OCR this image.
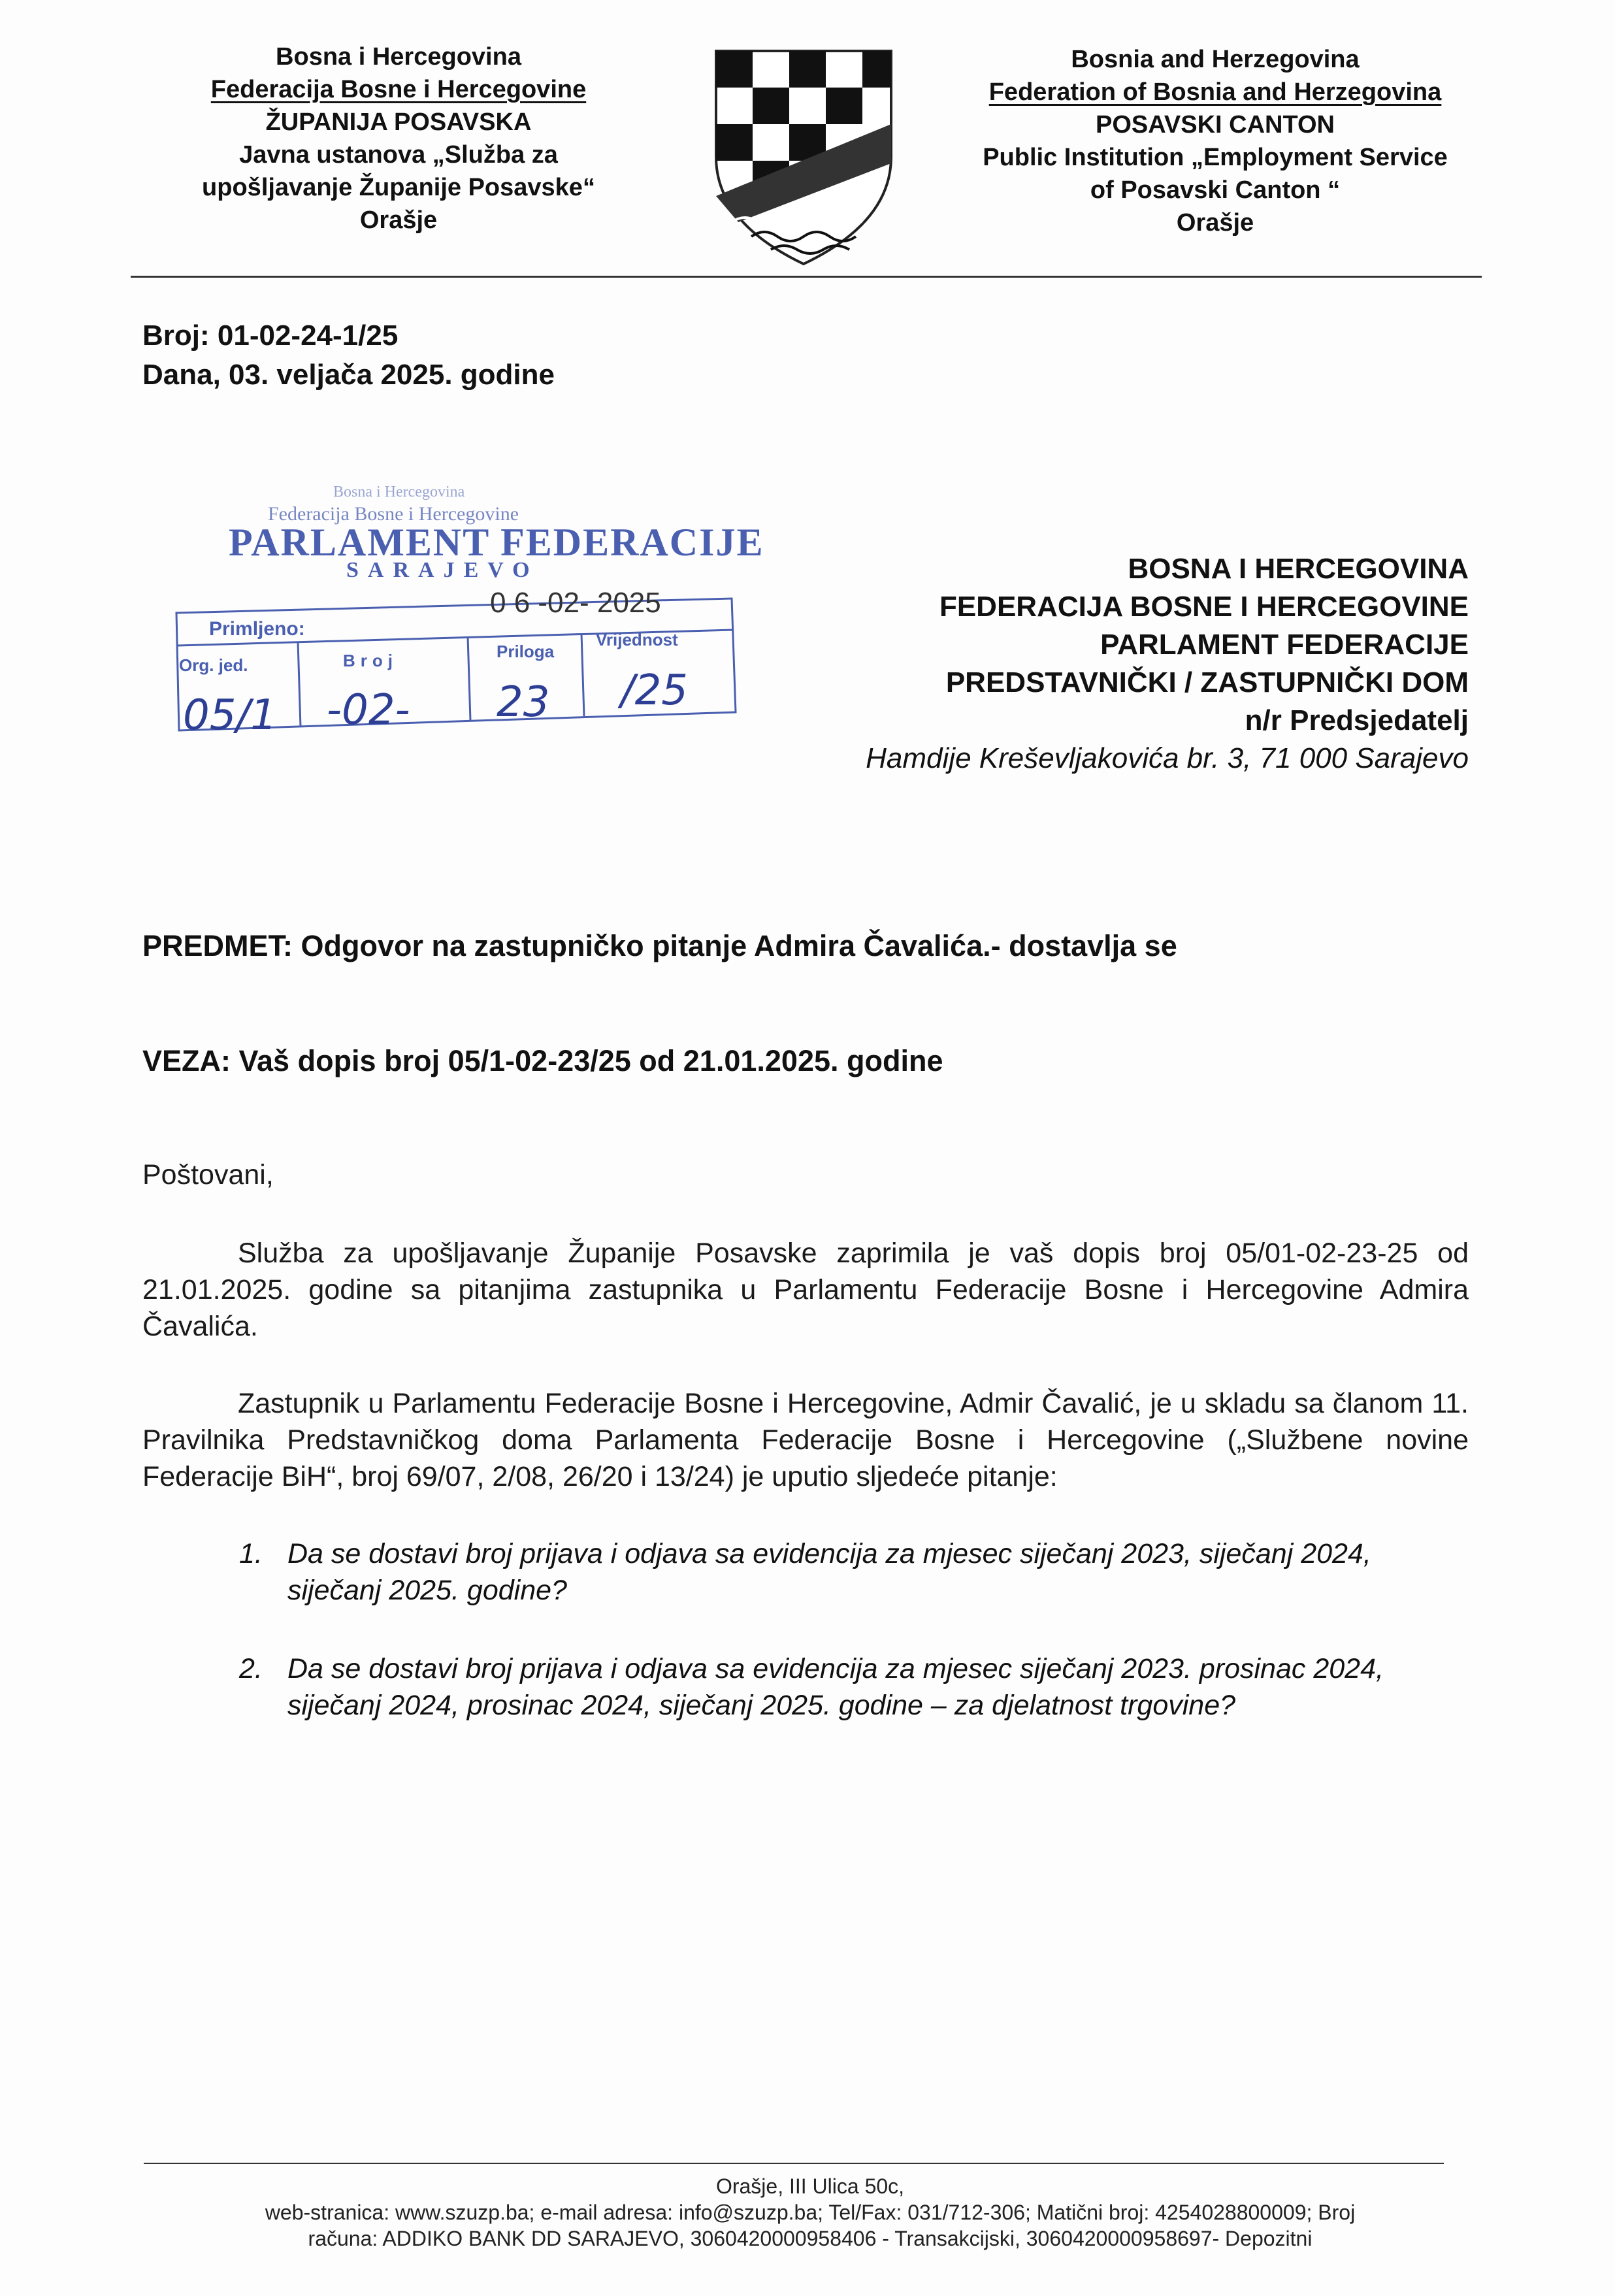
Bosna i Hercegovina
Federacija Bosne i Hercegovine
ŽUPANIJA POSAVSKA
Javna ustanova „Služba za
upošljavanje Županije Posavske“
Orašje
⚜
Bosnia and Herzegovina
Federation of Bosnia and Herzegovina
POSAVSKI CANTON
Public Institution „Employment Service
of Posavski Canton “
Orašje
Broj: 01-02-24-1/25
Dana, 03. veljača 2025. godine
Bosna i Hercegovina
Federacija Bosne i Hercegovine
PARLAMENT FEDERACIJE
SARAJEVO
0 6 -02- 2025
Primljeno:
Org. jed.	Broj	Priloga
Vrijednost
05/1 -02- 23 /25
BOSNA I HERCEGOVINA
FEDERACIJA BOSNE I HERCEGOVINE
PARLAMENT FEDERACIJE
PREDSTAVNIČKI / ZASTUPNIČKI DOM
n/r Predsjedatelj
Hamdije Kreševljakovića br. 3, 71 000 Sarajevo
PREDMET: Odgovor na zastupničko pitanje Admira Čavalića.- dostavlja se
VEZA: Vaš dopis broj 05/1-02-23/25 od 21.01.2025. godine
Poštovani,
Služba za upošljavanje Županije Posavske zaprimila je vaš dopis broj 05/01-02-23-25 od 21.01.2025. godine sa pitanjima zastupnika u Parlamentu Federacije Bosne i Hercegovine Admira Čavalića.
Zastupnik u Parlamentu Federacije Bosne i Hercegovine, Admir Čavalić, je u skladu sa članom 11. Pravilnika Predstavničkog doma Parlamenta Federacije Bosne i Hercegovine („Službene novine Federacije BiH“, broj 69/07, 2/08, 26/20 i 13/24) je uputio sljedeće pitanje:
1. Da se dostavi broj prijava i odjava sa evidencija za mjesec siječanj 2023, siječanj 2024, siječanj 2025. godine?
2. Da se dostavi broj prijava i odjava sa evidencija za mjesec siječanj 2023. prosinac 2024, siječanj 2024, prosinac 2024, siječanj 2025. godine – za djelatnost trgovine?
Orašje, III Ulica 50c,
web-stranica: www.szuzp.ba; e-mail adresa: info@szuzp.ba; Tel/Fax: 031/712-306; Matični broj: 4254028800009; Broj
računa: ADDIKO BANK DD SARAJEVO, 3060420000958406 - Transakcijski, 3060420000958697- Depozitni
